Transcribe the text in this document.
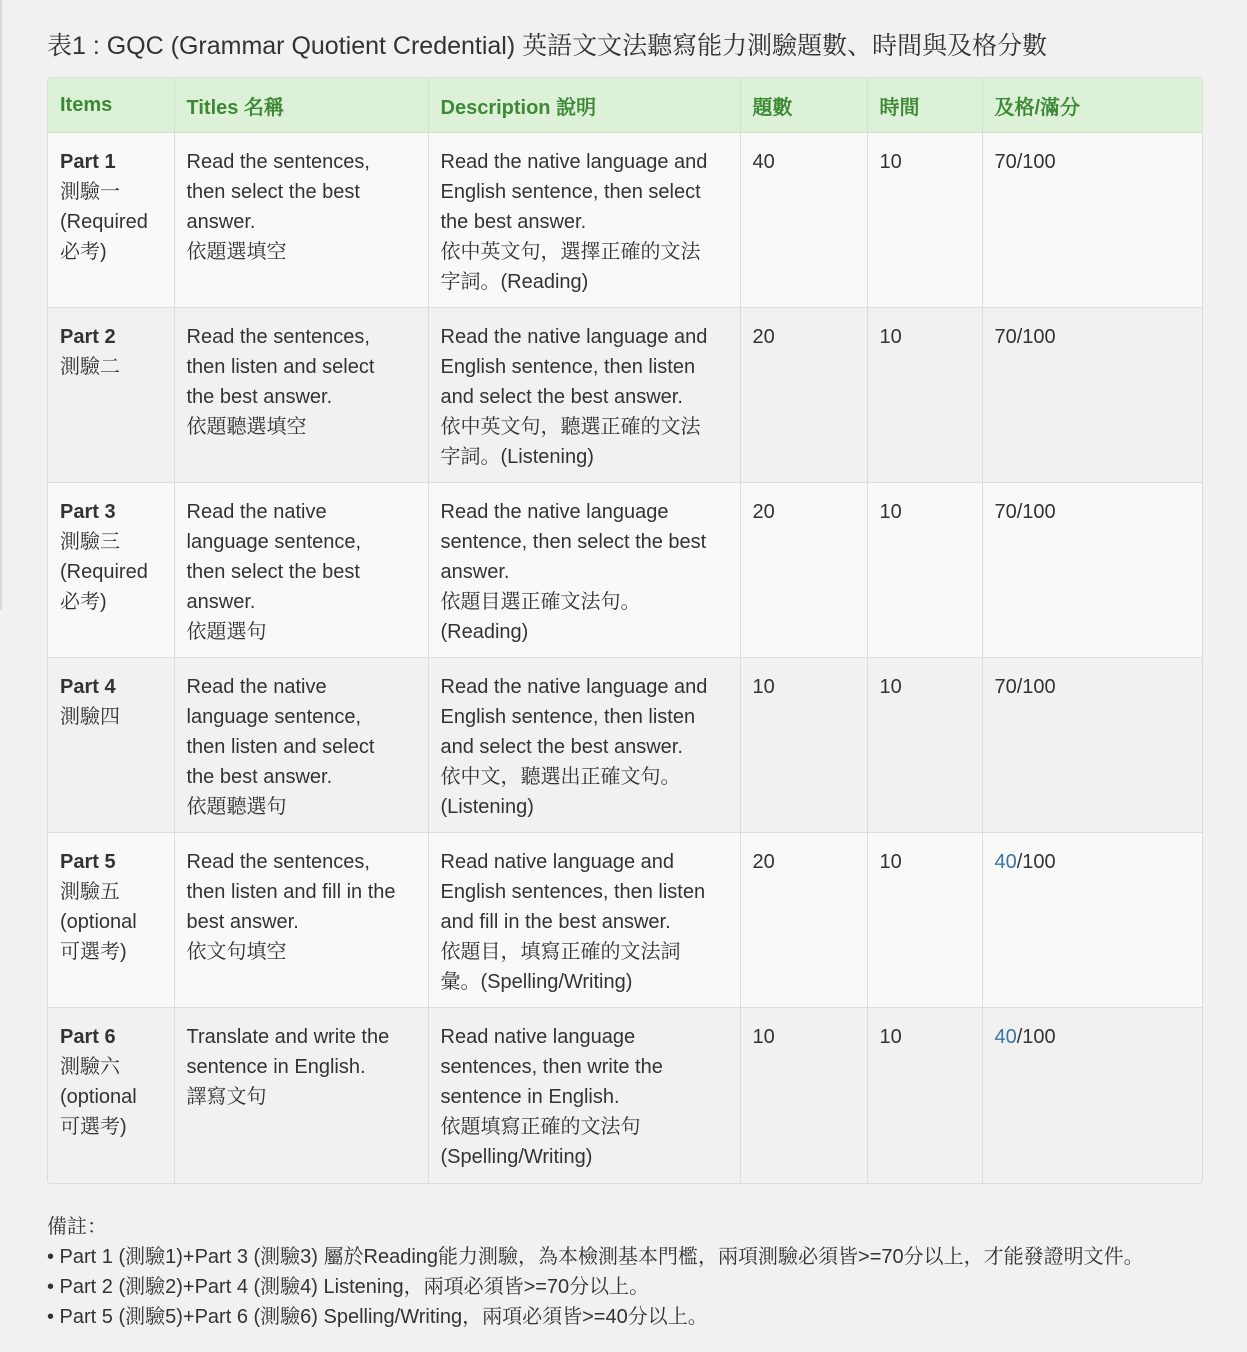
表1 : GQC (Grammar Quotient Credential) 英語文文法聽寫能力測驗題數、時間與及格分數
Items	Titles 名稱	Description 說明	題數	時間	及格/滿分

Part 1
測驗一
(Required
必考)	Read the sentences,
then select the best
answer.
依題選填空	Read the native language and
English sentence, then select
the best answer.
依中英文句，選擇正確的文法
字詞。(Reading)	40	10	70/100

Part 2
測驗二	Read the sentences,
then listen and select
the best answer.
依題聽選填空	Read the native language and
English sentence, then listen
and select the best answer.
依中英文句，聽選正確的文法
字詞。(Listening)	20	10	70/100

Part 3
測驗三
(Required
必考)	Read the native
language sentence,
then select the best
answer.
依題選句	Read the native language
sentence, then select the best
answer.
依題目選正確文法句。
(Reading)	20	10	70/100

Part 4
測驗四	Read the native
language sentence,
then listen and select
the best answer.
依題聽選句	Read the native language and
English sentence, then listen
and select the best answer.
依中文，聽選出正確文句。
(Listening)	10	10	70/100

Part 5
測驗五
(optional
可選考)	Read the sentences,
then listen and fill in the
best answer.
依文句填空	Read native language and
English sentences, then listen
and fill in the best answer.
依題目，填寫正確的文法詞
彙。(Spelling/Writing)	20	10	40/100

Part 6
測驗六
(optional
可選考)	Translate and write the
sentence in English.
譯寫文句	Read native language
sentences, then write the
sentence in English.
依題填寫正確的文法句
(Spelling/Writing)	10	10	40/100
備註：
• Part 1 (測驗1)+Part 3 (測驗3) 屬於Reading能力測驗，為本檢測基本門檻，兩項測驗必須皆>=70分以上，才能發證明文件。
• Part 2 (測驗2)+Part 4 (測驗4) Listening，兩項必須皆>=70分以上。
• Part 5 (測驗5)+Part 6 (測驗6) Spelling/Writing，兩項必須皆>=40分以上。
